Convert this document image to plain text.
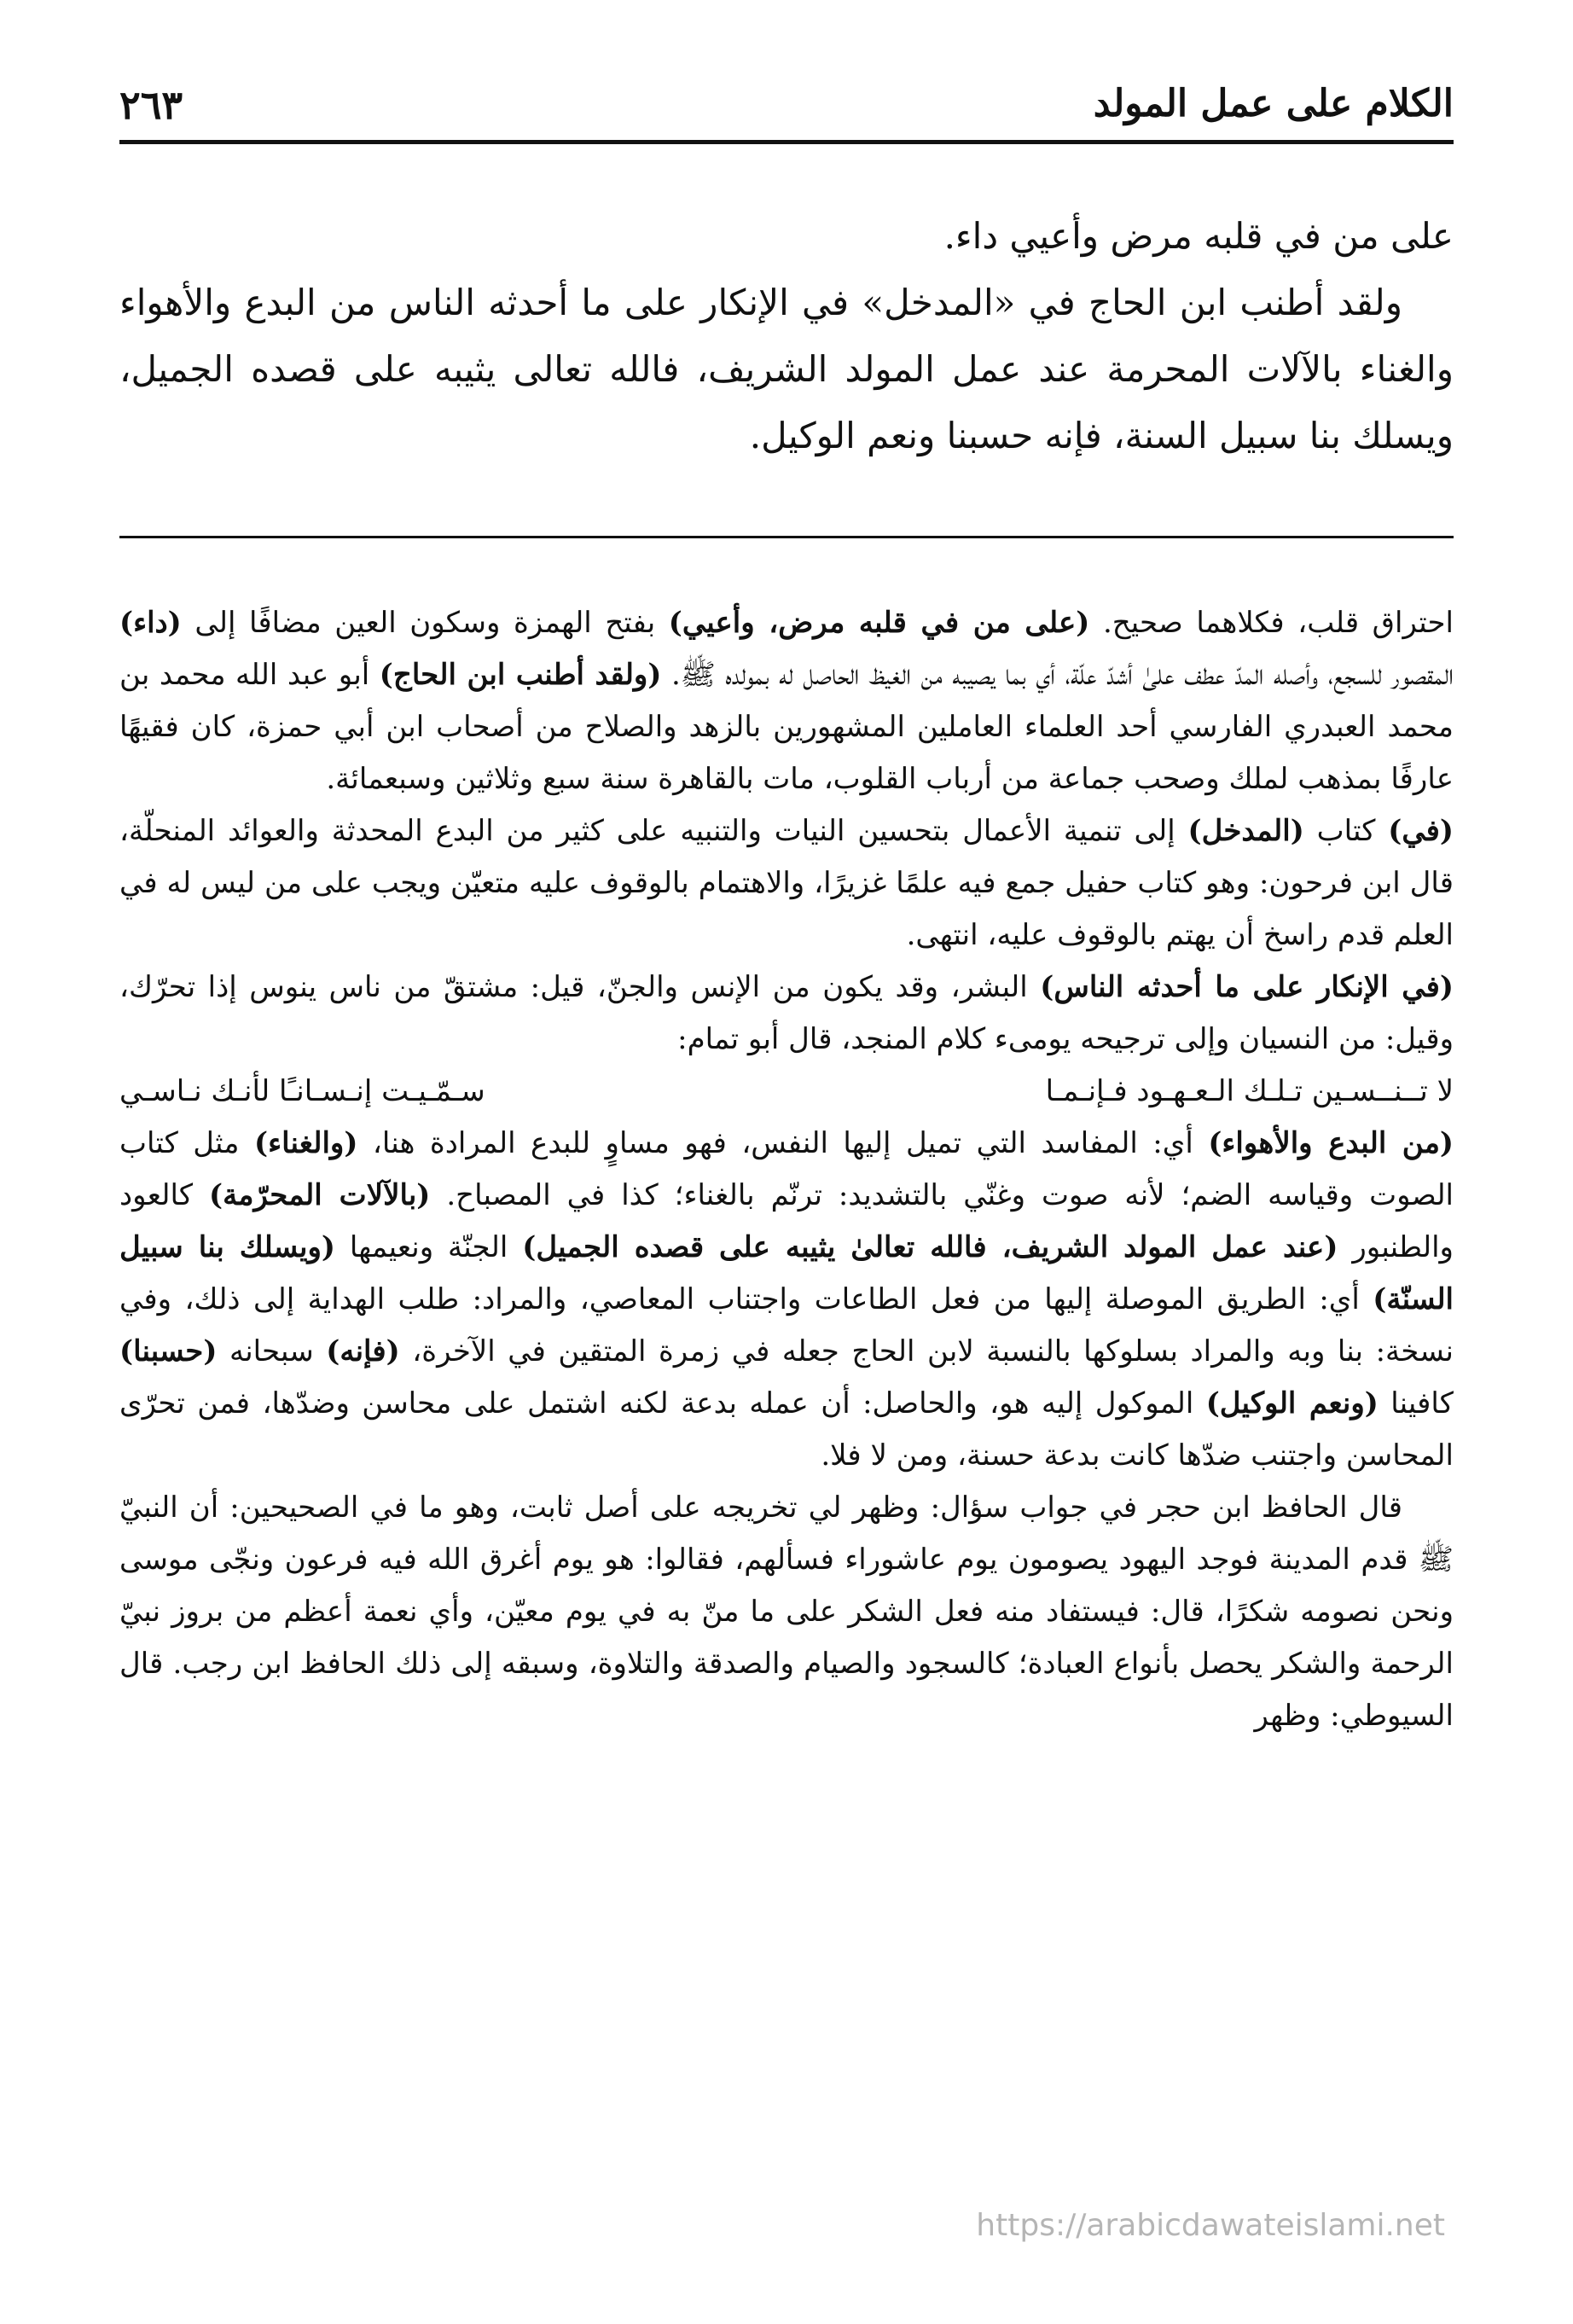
الكلام على عمل المولد
٢٦٣

على من في قلبه مرض وأعيي داء.

ولقد أطنب ابن الحاج في «المدخل» في الإنكار على ما أحدثه الناس من البدع والأهواء والغناء بالآلات المحرمة عند عمل المولد الشريف، فالله تعالى يثيبه على قصده الجميل، ويسلك بنا سبيل السنة، فإنه حسبنا ونعم الوكيل.

احتراق قلب، فكلاهما صحيح. (على من في قلبه مرض، وأعيي) بفتح الهمزة وسكون العين مضافًا إلى (داء) المقصور للسجع، وأصله المدّ عطف علىٰ أشدّ علّة، أي بما يصيبه من الغيظ الحاصل له بمولده ﷺ. (ولقد أطنب ابن الحاج) أبو عبد الله محمد بن محمد العبدري الفارسي أحد العلماء العاملين المشهورين بالزهد والصلاح من أصحاب ابن أبي حمزة، كان فقيهًا عارفًا بمذهب لملك وصحب جماعة من أرباب القلوب، مات بالقاهرة سنة سبع وثلاثين وسبعمائة.

(في) كتاب (المدخل) إلى تنمية الأعمال بتحسين النيات والتنبيه على كثير من البدع المحدثة والعوائد المنحلّة، قال ابن فرحون: وهو كتاب حفيل جمع فيه علمًا غزيرًا، والاهتمام بالوقوف عليه متعيّن ويجب على من ليس له في العلم قدم راسخ أن يهتم بالوقوف عليه، انتهى.

(في الإنكار على ما أحدثه الناس) البشر، وقد يكون من الإنس والجنّ، قيل: مشتقّ من ناس ينوس إذا تحرّك، وقيل: من النسيان وإلى ترجيحه يومىء كلام المنجد، قال أبو تمام:

لا تــنــسـين تـلـك الـعـهـود فـإنـمـا
سـمّـيـت إنـسـانـًا لأنـك نـاسـي

(من البدع والأهواء) أي: المفاسد التي تميل إليها النفس، فهو مساوٍ للبدع المرادة هنا، (والغناء) مثل كتاب الصوت وقياسه الضم؛ لأنه صوت وغنّي بالتشديد: ترنّم بالغناء؛ كذا في المصباح. (بالآلات المحرّمة) كالعود والطنبور (عند عمل المولد الشريف، فالله تعالىٰ يثيبه على قصده الجميل) الجنّة ونعيمها (ويسلك بنا سبيل السنّة) أي: الطريق الموصلة إليها من فعل الطاعات واجتناب المعاصي، والمراد: طلب الهداية إلى ذلك، وفي نسخة: بنا وبه والمراد بسلوكها بالنسبة لابن الحاج جعله في زمرة المتقين في الآخرة، (فإنه) سبحانه (حسبنا) كافينا (ونعم الوكيل) الموكول إليه هو، والحاصل: أن عمله بدعة لكنه اشتمل على محاسن وضدّها، فمن تحرّى المحاسن واجتنب ضدّها كانت بدعة حسنة، ومن لا فلا.

قال الحافظ ابن حجر في جواب سؤال: وظهر لي تخريجه على أصل ثابت، وهو ما في الصحيحين: أن النبيّ ﷺ قدم المدينة فوجد اليهود يصومون يوم عاشوراء فسألهم، فقالوا: هو يوم أغرق الله فيه فرعون ونجّى موسى ونحن نصومه شكرًا، قال: فيستفاد منه فعل الشكر على ما منّ به في يوم معيّن، وأي نعمة أعظم من بروز نبيّ الرحمة والشكر يحصل بأنواع العبادة؛ كالسجود والصيام والصدقة والتلاوة، وسبقه إلى ذلك الحافظ ابن رجب. قال السيوطي: وظهر

https://arabicdawateislami.net
